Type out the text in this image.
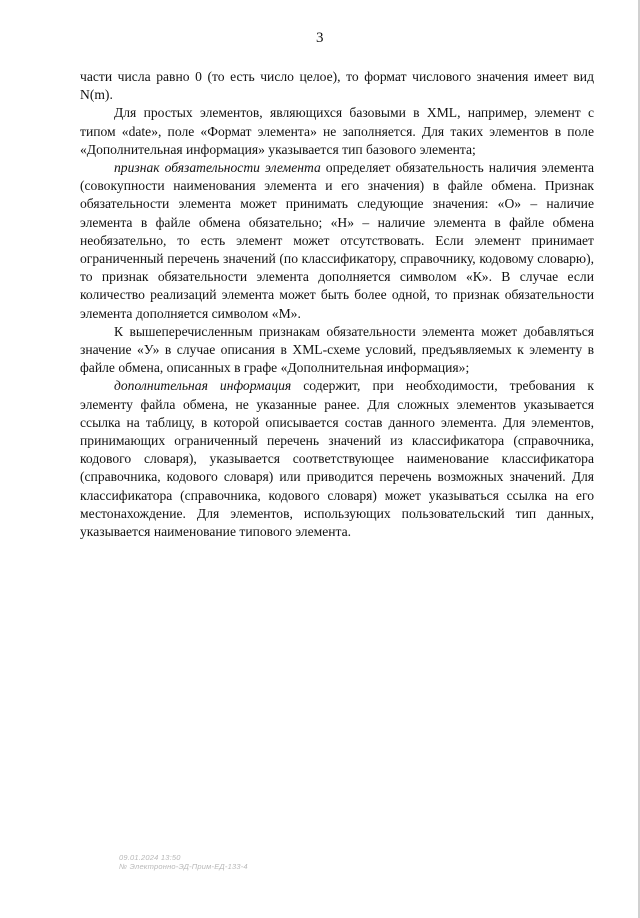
3

части числа равно 0 (то есть число целое), то формат числового значения имеет вид N(m).

Для простых элементов, являющихся базовыми в XML, например, элемент с типом «date», поле «Формат элемента» не заполняется. Для таких элементов в поле «Дополнительная информация» указывается тип базового элемента;

признак обязательности элемента определяет обязательность наличия элемента (совокупности наименования элемента и его значения) в файле обмена. Признак обязательности элемента может принимать следующие значения: «О» – наличие элемента в файле обмена обязательно; «Н» – наличие элемента в файле обмена необязательно, то есть элемент может отсутствовать. Если элемент принимает ограниченный перечень значений (по классификатору, справочнику, кодовому словарю), то признак обязательности элемента дополняется символом «К». В случае если количество реализаций элемента может быть более одной, то признак обязательности элемента дополняется символом «М».

К вышеперечисленным признакам обязательности элемента может добавляться значение «У» в случае описания в XML-схеме условий, предъявляемых к элементу в файле обмена, описанных в графе «Дополнительная информация»;

дополнительная информация содержит, при необходимости, требования к элементу файла обмена, не указанные ранее. Для сложных элементов указывается ссылка на таблицу, в которой описывается состав данного элемента. Для элементов, принимающих ограниченный перечень значений из классификатора (справочника, кодового словаря), указывается соответствующее наименование классификатора (справочника, кодового словаря) или приводится перечень возможных значений. Для классификатора (справочника, кодового словаря) может указываться ссылка на его местонахождение. Для элементов, использующих пользовательский тип данных, указывается наименование типового элемента.

09.01.2024 13:50
№ Электронно-ЭД-Прим-ЕД-133-4
